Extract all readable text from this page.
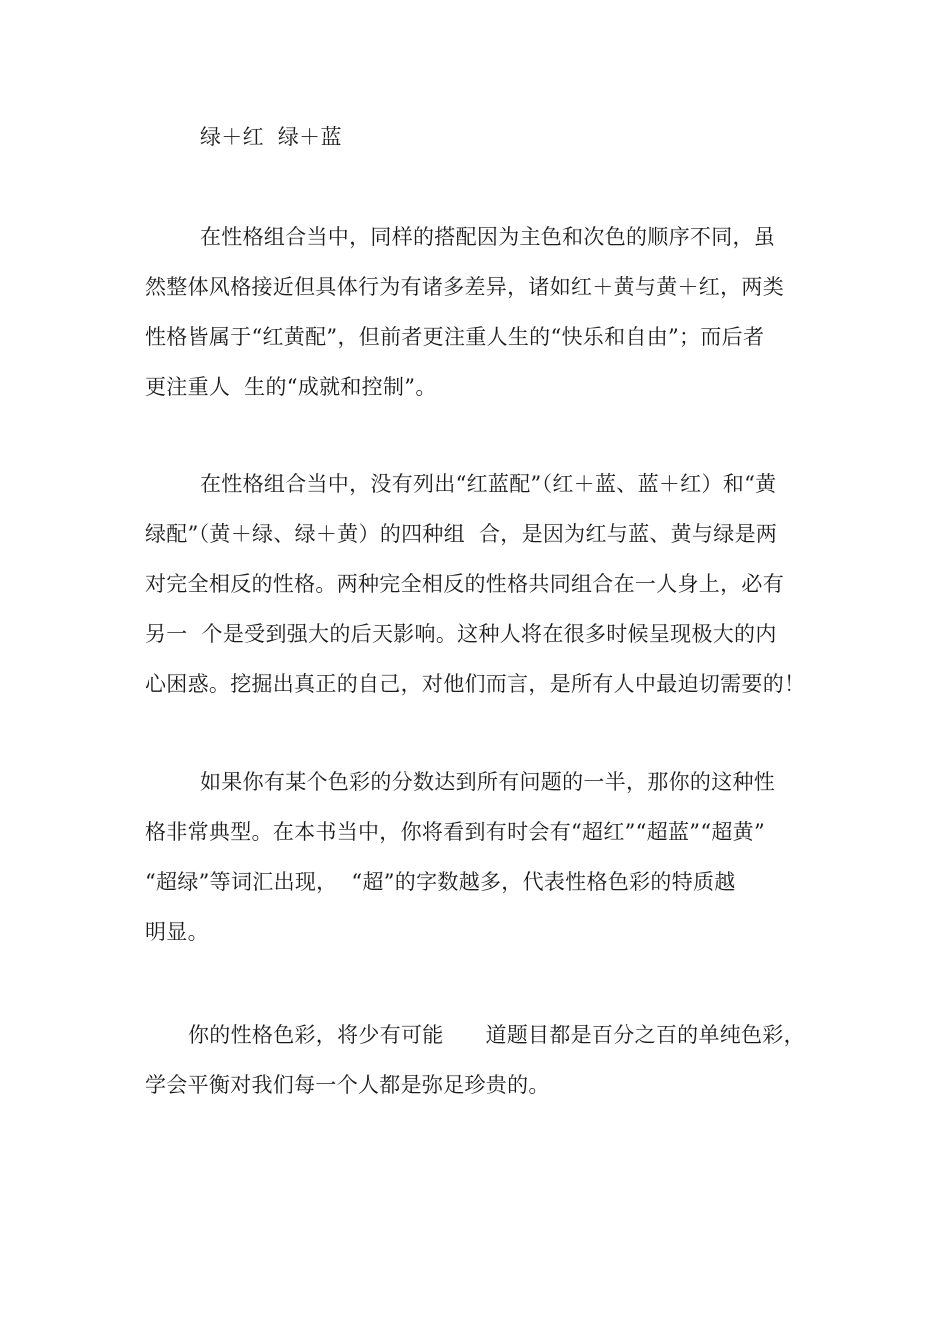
绿＋红  绿＋蓝
在性格组合当中，同样的搭配因为主色和次色的顺序不同，虽
然整体风格接近但具体行为有诸多差异，诸如红＋黄与黄＋红，两类
性格皆属于“红黄配”，但前者更注重人生的“快乐和自由”；而后者
更注重人  生的“成就和控制”。
在性格组合当中，没有列出“红蓝配”（红＋蓝、蓝＋红）和“黄
绿配”（黄＋绿、绿＋黄）的四种组  合，是因为红与蓝、黄与绿是两
对完全相反的性格。两种完全相反的性格共同组合在一人身上，必有
另一  个是受到强大的后天影响。这种人将在很多时候呈现极大的内
心困惑。挖掘出真正的自己，对他们而言，是所有人中最迫切需要的！
如果你有某个色彩的分数达到所有问题的一半，那你的这种性
格非常典型。在本书当中，你将看到有时会有“超红”“超蓝”“超黄”
“超绿”等词汇出现，  “超”的字数越多，代表性格色彩的特质越
明显。
你的性格色彩，将少有可能      道题目都是百分之百的单纯色彩，
学会平衡对我们每一个人都是弥足珍贵的。
